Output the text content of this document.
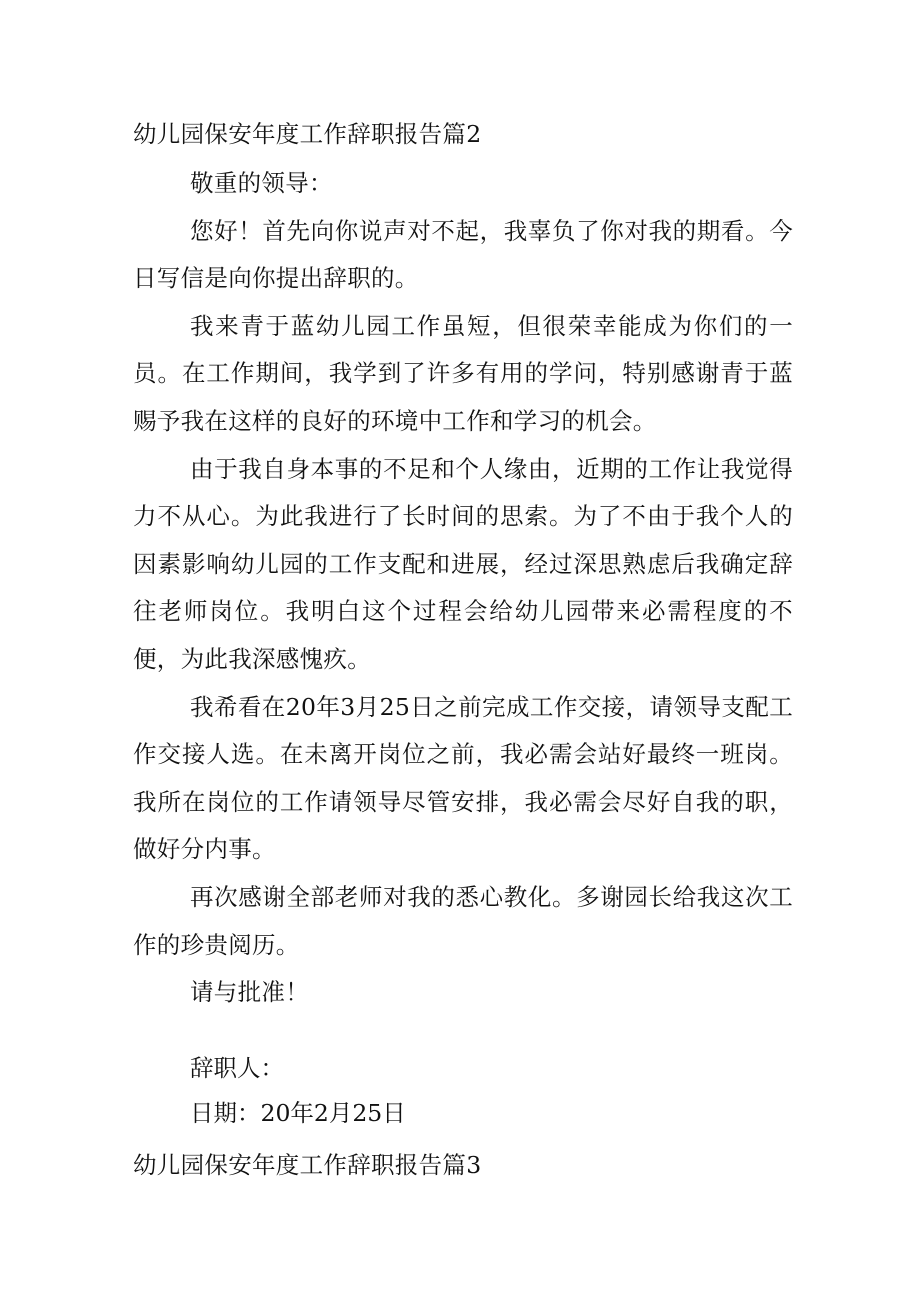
幼儿园保安年度工作辞职报告篇2

敬重的领导：

您好！首先向你说声对不起，我辜负了你对我的期看。今日写信是向你提出辞职的。

我来青于蓝幼儿园工作虽短，但很荣幸能成为你们的一员。在工作期间，我学到了许多有用的学问，特别感谢青于蓝赐予我在这样的良好的环境中工作和学习的机会。

由于我自身本事的不足和个人缘由，近期的工作让我觉得力不从心。为此我进行了长时间的思索。为了不由于我个人的因素影响幼儿园的工作支配和进展，经过深思熟虑后我确定辞往老师岗位。我明白这个过程会给幼儿园带来必需程度的不便，为此我深感愧疚。

我希看在20年3月25日之前完成工作交接，请领导支配工作交接人选。在未离开岗位之前，我必需会站好最终一班岗。我所在岗位的工作请领导尽管安排，我必需会尽好自我的职，做好分内事。

再次感谢全部老师对我的悉心教化。多谢园长给我这次工作的珍贵阅历。

请与批准！

辞职人：
日期：20年2月25日
幼儿园保安年度工作辞职报告篇3
